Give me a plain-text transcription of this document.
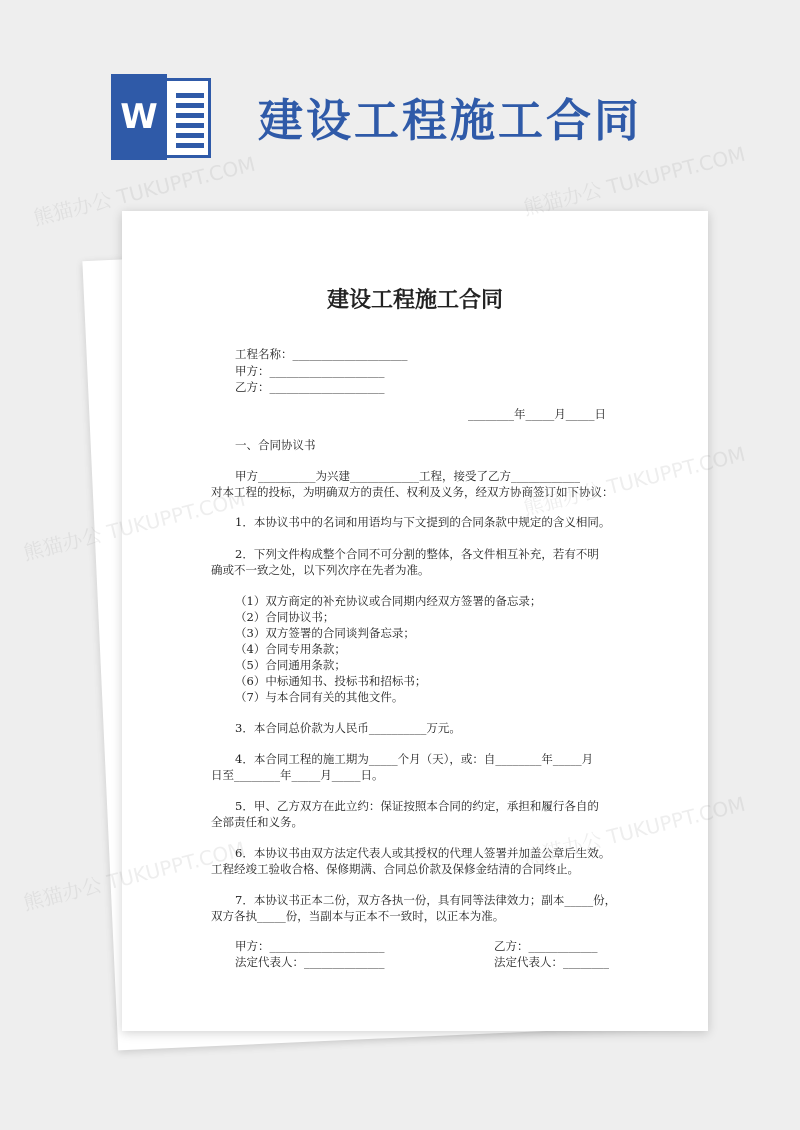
W 建设工程施工合同
建设工程施工合同
工程名称：____________________
甲方：____________________
乙方：____________________
________年_____月_____日
一、合同协议书
甲方__________为兴建____________工程，接受了乙方____________
对本工程的投标，为明确双方的责任、权利及义务，经双方协商签订如下协议：
1．本协议书中的名词和用语均与下文提到的合同条款中规定的含义相同。
2．下列文件构成整个合同不可分割的整体，各文件相互补充，若有不明
确或不一致之处，以下列次序在先者为准。
（1）双方商定的补充协议或合同期内经双方签署的备忘录；
（2）合同协议书；
（3）双方签署的合同谈判备忘录；
（4）合同专用条款；
（5）合同通用条款；
（6）中标通知书、投标书和招标书；
（7）与本合同有关的其他文件。
3．本合同总价款为人民币__________万元。
4．本合同工程的施工期为_____个月（天），或：自________年_____月
日至________年_____月_____日。
5．甲、乙方双方在此立约：保证按照本合同的约定，承担和履行各自的
全部责任和义务。
6．本协议书由双方法定代表人或其授权的代理人签署并加盖公章后生效。
工程经竣工验收合格、保修期满、合同总价款及保修金结清的合同终止。
7．本协议书正本二份，双方各执一份，具有同等法律效力；副本_____份，
双方各执_____份，当副本与正本不一致时，以正本为准。
甲方：____________________
法定代表人：______________
乙方：____________
法定代表人：________
熊猫办公 TUKUPPT.COM	熊猫办公 TUKUPPT.COM
熊猫办公
熊猫办公
